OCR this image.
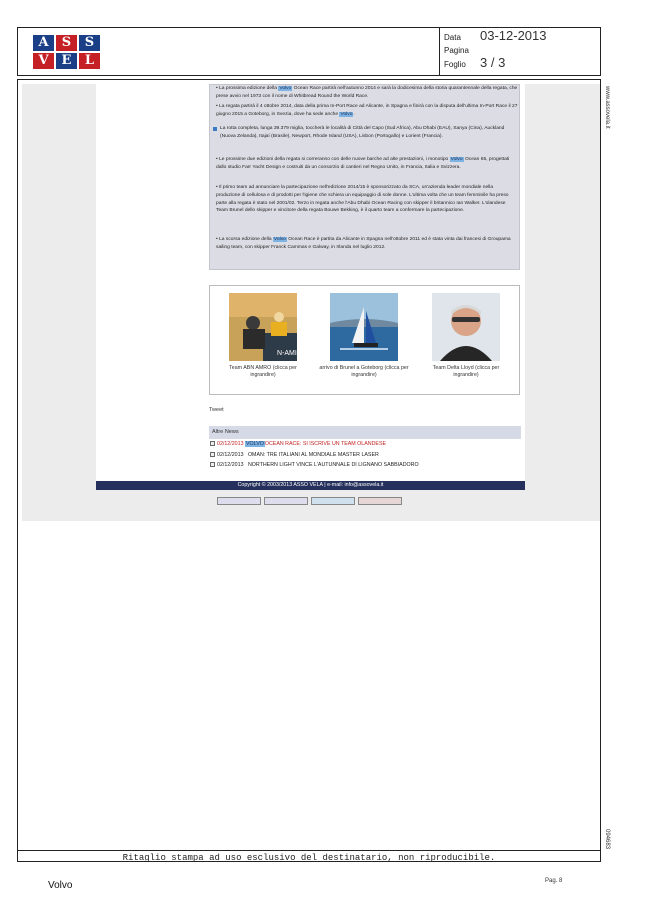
A	S	S
V E	L
Data 03-12-2013
Pagina
Foglio 3 / 3
• La prossima edizione della Volvo Ocean Race partirà nell'autunno 2014 e sarà la dodicesima della storia quarantennale della regata, che prese avvio nel 1973 con il nome di Whitbread Round the World Race.
• La regata partirà il 4 ottobre 2014, data della prima In-Port Race ad Alicante, in Spagna e finirà con la disputa dell'ultima In-Port Race il 27 giugno 2015 a Goteborg, in Svezia, dove ha sede anche Volvo.
La rotta completa, lunga 39.379 miglia, toccherà le località di Città del Capo (Sud Africa), Abu Dhabi (EAU), Sanya (Cina), Auckland (Nuova Zelanda), Itajaí (Brasile), Newport, Rhode Island (USA), Lisbon (Portogallo) e Lorient (Francia).
• Le prossime due edizioni della regata si correranno con delle nuove barche ad alte prestazioni, i monotipo Volvo Ocean 65, progettati dallo studio Farr Yacht Design e costruiti da un consorzio di cantieri nel Regno Unito, in Francia, Italia e Svizzera.
• Il primo team ad annunciare la partecipazione nell'edizione 2014/15 è sponsorizzato da SCA, un'azienda leader mondiale nella produzione di cellulosa e di prodotti per l'igiene che schiera un equipaggio di sole donne. L'ultima volta che un team femminile ha preso parte alla regata è stato nel 2001/02. Terzo in regata anche l'Abu Dhabi Ocean Racing con skipper il britannico Ian Walker. L'olandese Team Brunel dello skipper e vincitore della regata Bouwe Bekking, è il quarto team a confermare la partecipazione.
• La scorsa edizione della Volvo Ocean Race è partita da Alicante in Spagna nell'ottobre 2011 ed è stata vinta dai francesi di Groupama sailing team, con skipper Franck Cammas e Galway, in Irlanda nel luglio 2012.
N-AMI
Team ABN AMRO (clicca per ingrandire)
arrivo di Brunel a Goteborg (clicca per ingrandire)
Team Delta Lloyd (clicca per ingrandire)
Tweet
Altre News
02/12/2013 VOLVOOCEAN RACE: SI ISCRIVE UN TEAM OLANDESE
02/12/2013 OMAN: TRE ITALIANI AL MONDIALE MASTER LASER
02/12/2013 NORTHERN LIGHT VINCE L'AUTUNNALE DI LIGNANO SABBIADORO
Copyright © 2003/2013 ASSO VELA | e-mail: info@assovela.it
www.assovela.it
094683
Ritaglio stampa ad uso esclusivo del destinatario, non riproducibile.
Volvo	Pag. 8
